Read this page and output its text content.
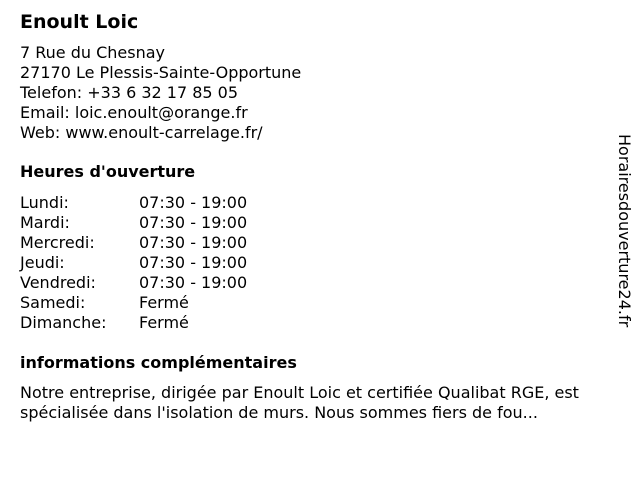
Enoult Loic
7 Rue du Chesnay
27170 Le Plessis-Sainte-Opportune
Telefon: +33 6 32 17 85 05
Email: loic.enoult@orange.fr
Web: www.enoult-carrelage.fr/
Heures d'ouverture
Lundi:	07:30 - 19:00
Mardi:	07:30 - 19:00
Mercredi:	07:30 - 19:00
Jeudi:	07:30 - 19:00
Vendredi:	07:30 - 19:00
Samedi:	Fermé
Dimanche:	Fermé
informations complémentaires
Notre entreprise, dirigée par Enoult Loic et certifiée Qualibat RGE, est spécialisée dans l'isolation de murs. Nous sommes fiers de fou...
Horairesdouverture24.fr
